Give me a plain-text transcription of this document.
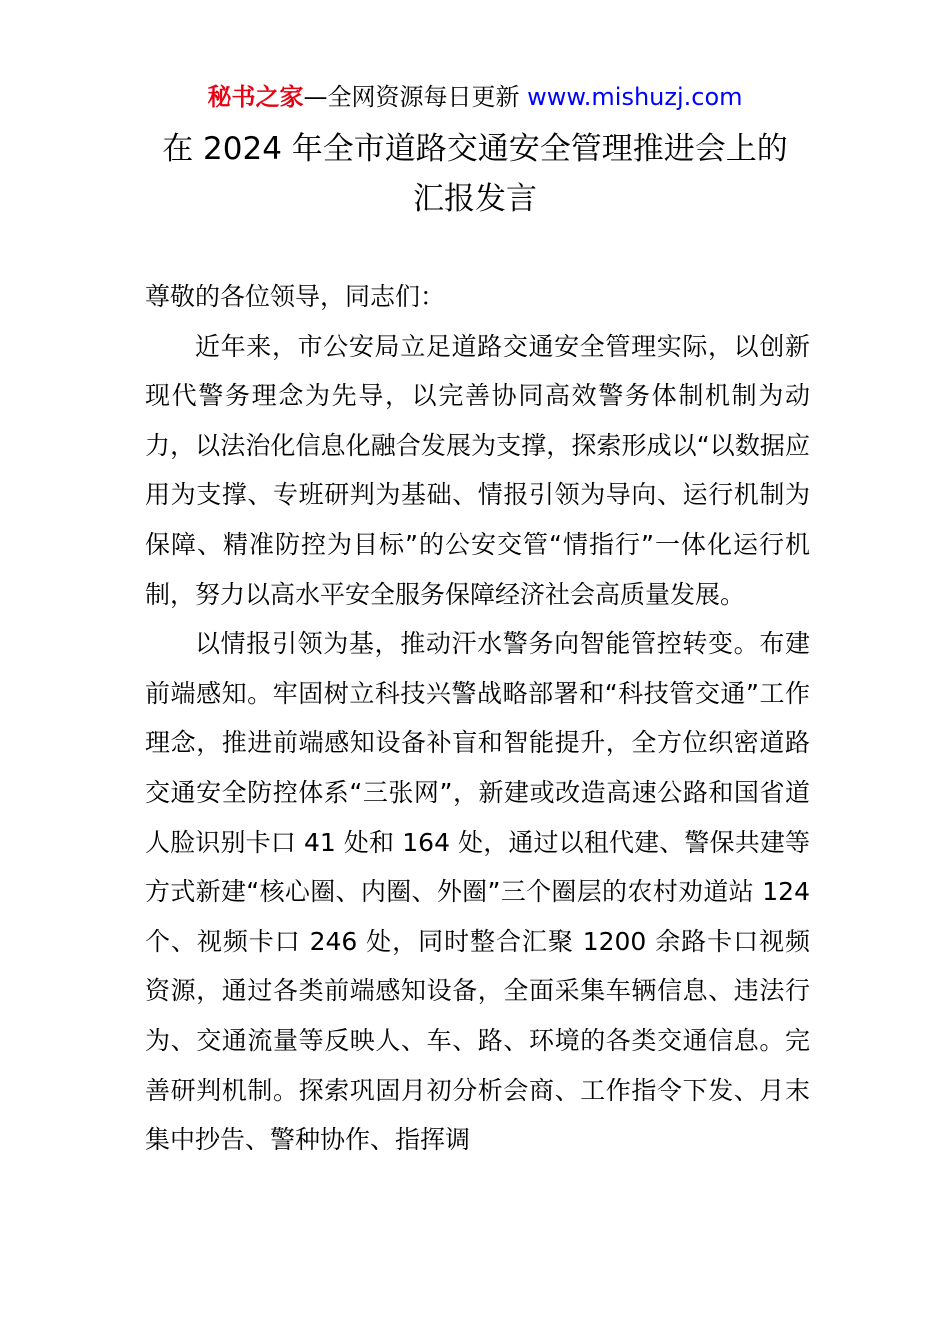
秘书之家—全网资源每日更新 www.mishuzj.com
在 2024 年全市道路交通安全管理推进会上的
汇报发言

尊敬的各位领导，同志们：

近年来，市公安局立足道路交通安全管理实际，以创新现代警务理念为先导，以完善协同高效警务体制机制为动力，以法治化信息化融合发展为支撑，探索形成以“以数据应用为支撑、专班研判为基础、情报引领为导向、运行机制为保障、精准防控为目标”的公安交管“情指行”一体化运行机制，努力以高水平安全服务保障经济社会高质量发展。

以情报引领为基，推动汗水警务向智能管控转变。布建前端感知。牢固树立科技兴警战略部署和“科技管交通”工作理念，推进前端感知设备补盲和智能提升，全方位织密道路交通安全防控体系“三张网”，新建或改造高速公路和国省道人脸识别卡口 41 处和 164 处，通过以租代建、警保共建等方式新建“核心圈、内圈、外圈”三个圈层的农村劝道站 124 个、视频卡口 246 处，同时整合汇聚 1200 余路卡口视频资源，通过各类前端感知设备，全面采集车辆信息、违法行为、交通流量等反映人、车、路、环境的各类交通信息。完善研判机制。探索巩固月初分析会商、工作指令下发、月末集中抄告、警种协作、指挥调
